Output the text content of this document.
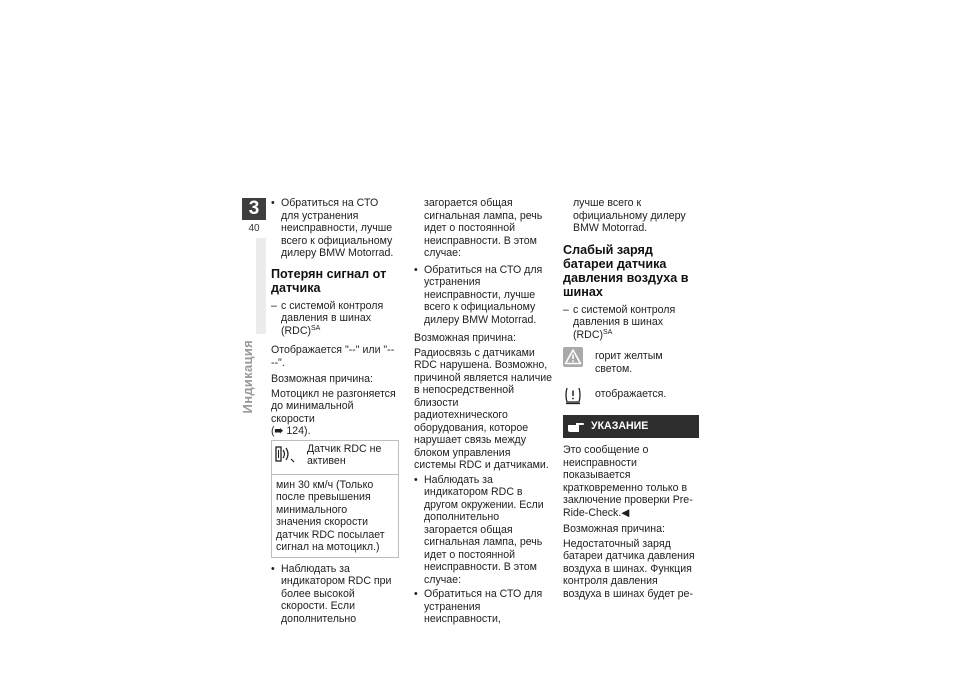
3
40
Индикация

• Обратиться на СТО для устранения неисправности, лучше всего к официальному дилеру BMW Motorrad.

Потерян сигнал от датчика

– с системой контроля давления в шинах (RDC)$^{SA}$

Отображается "--" или "-- --".

Возможная причина:

Мотоцикл не разгоняется до минимальной скорости
(➠ 124).

Датчик RDC не активен
мин 30 км/ч (Только после превышения минимального значения скорости датчик RDC посылает сигнал на мотоцикл.)

• Наблюдать за индикатором RDC при более высокой скорости. Если дополнительно

загорается общая сигнальная лампа, речь идет о постоянной неисправности. В этом случае:

• Обратиться на СТО для устранения неисправности, лучше всего к официальному дилеру BMW Motorrad.

Возможная причина:

Радиосвязь с датчиками RDC нарушена. Возможно, причиной является наличие в непосредственной близости радиотехнического оборудования, которое нарушает связь между блоком управления системы RDC и датчиками.

• Наблюдать за индикатором RDC в другом окружении. Если дополнительно загорается общая сигнальная лампа, речь идет о постоянной неисправности. В этом случае:

• Обратиться на СТО для устранения неисправности,

лучше всего к официальному дилеру BMW Motorrad.

Слабый заряд батареи датчика давления воздуха в шинах

– с системой контроля давления в шинах (RDC)$^{SA}$

горит желтым светом.
отображается.
УКАЗАНИЕ

Это сообщение о неисправности показывается кратковременно только в заключение проверки Pre-Ride-Check.◀

Возможная причина:

Недостаточный заряд батареи датчика давления воздуха в шинах. Функция контроля давления воздуха в шинах будет ре-
